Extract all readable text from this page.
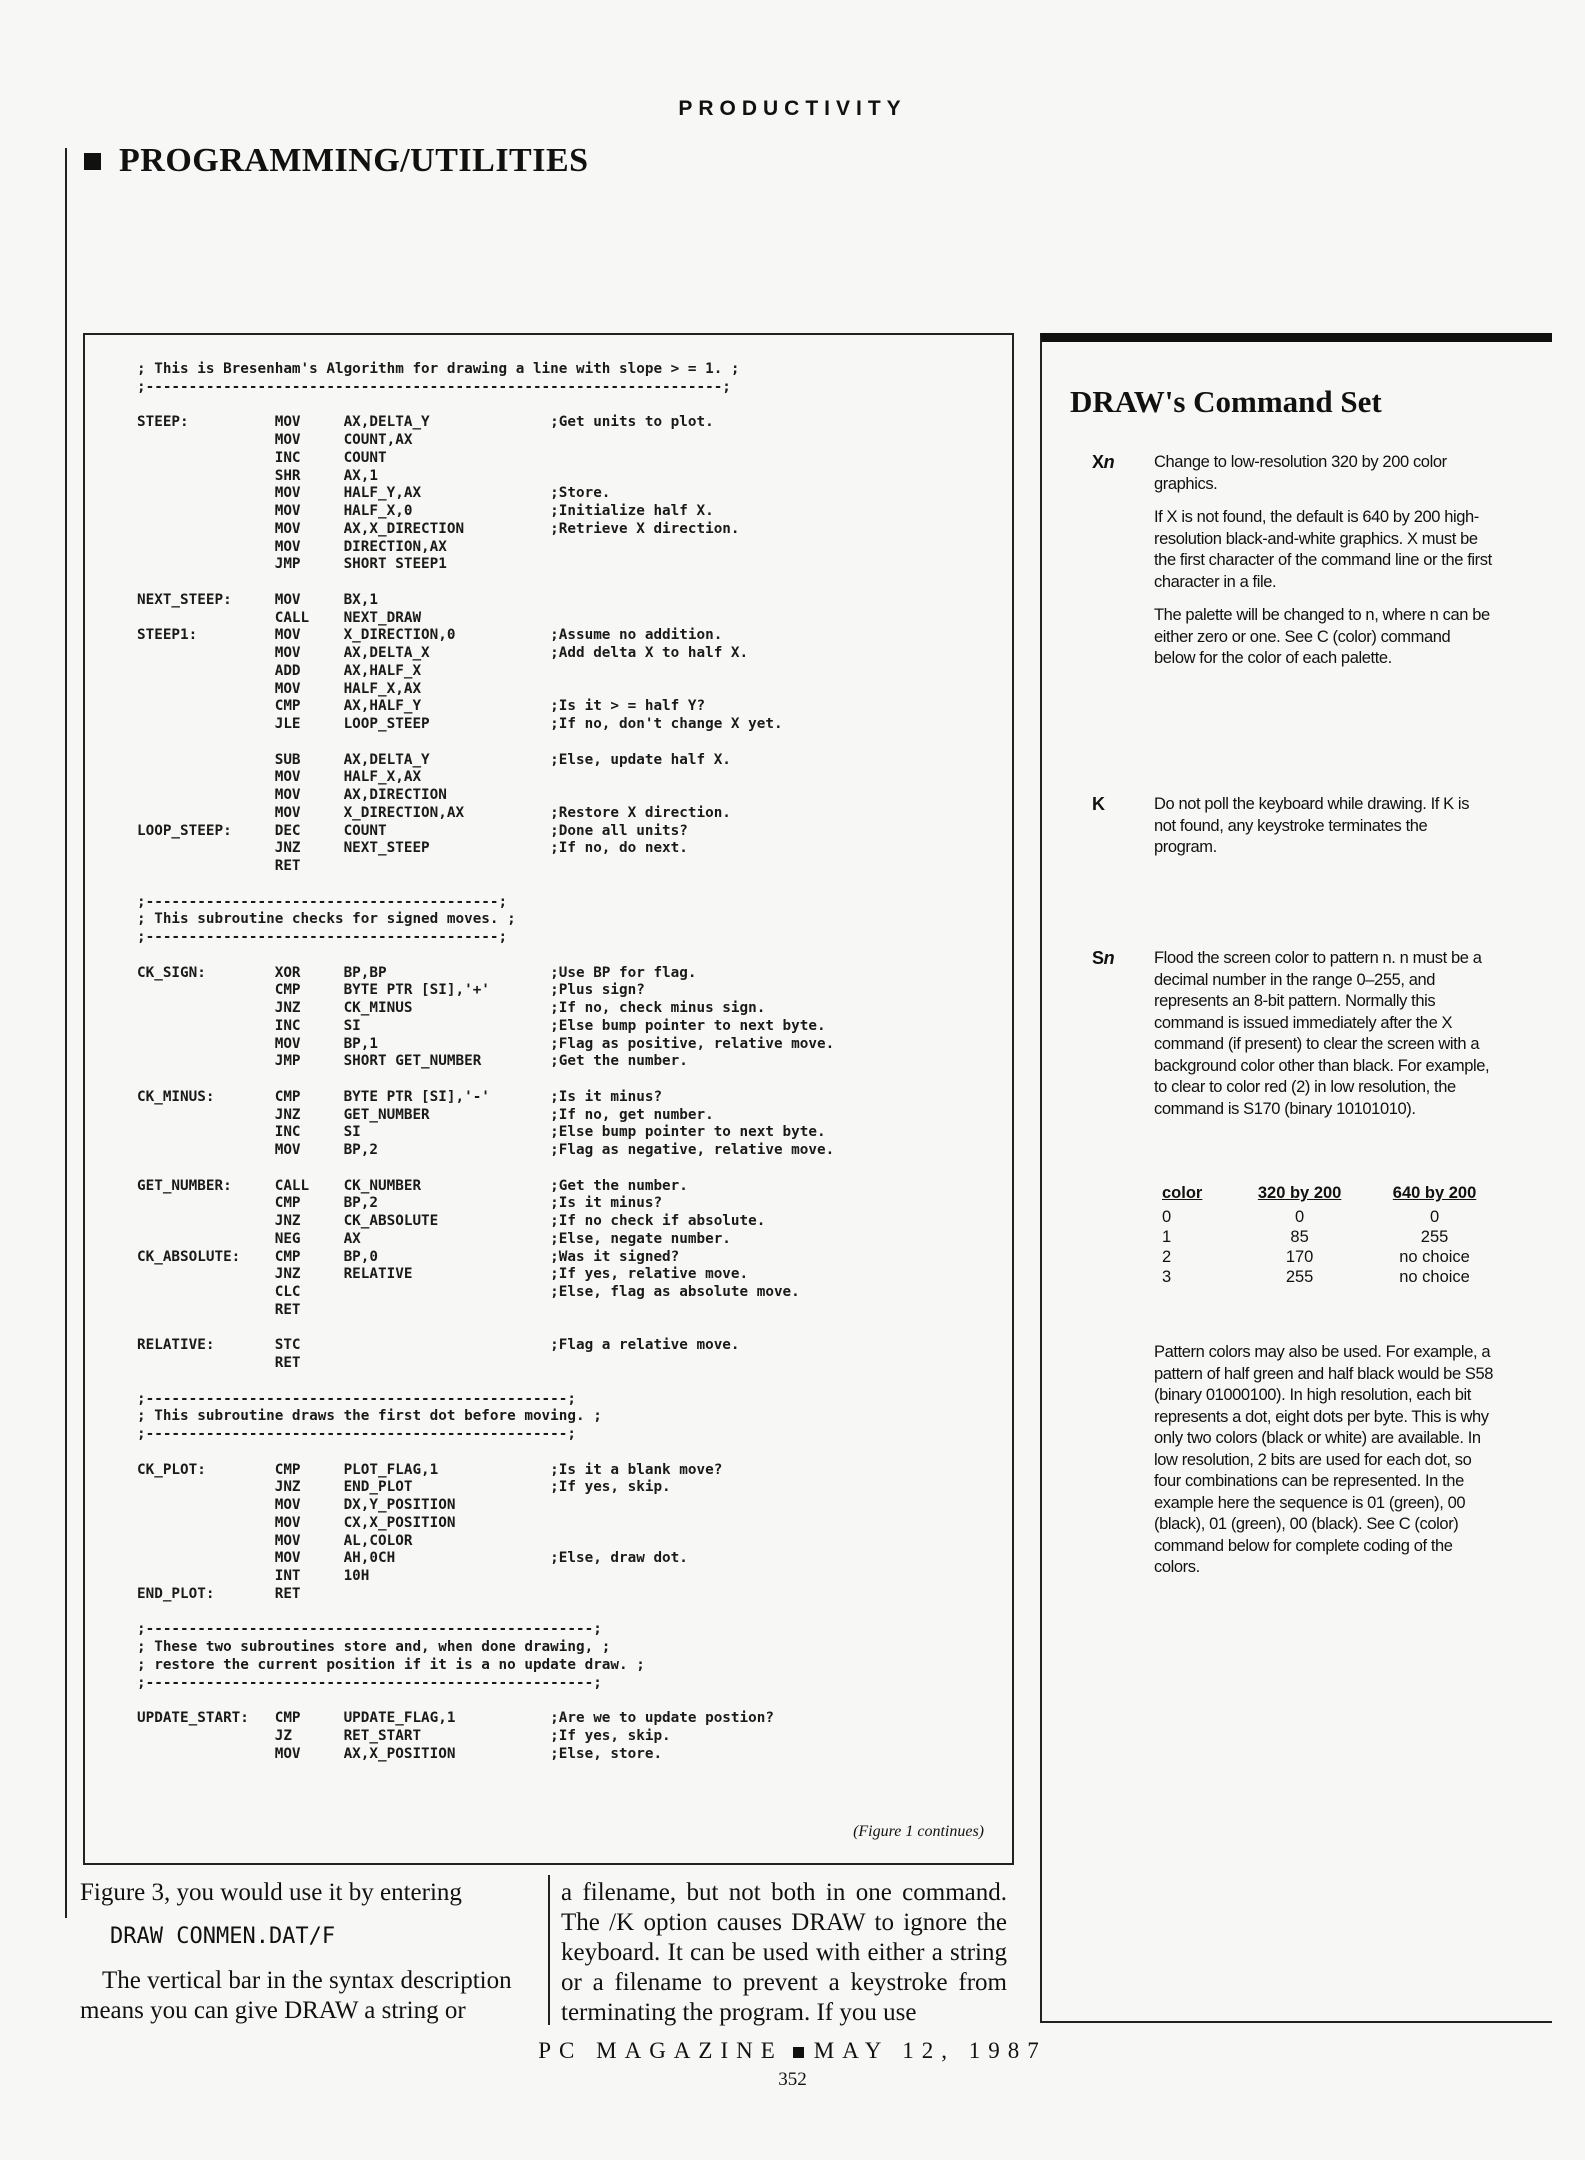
PRODUCTIVITY
PROGRAMMING/UTILITIES
; This is Bresenham's Algorithm for drawing a line with slope > = 1. ;
;-------------------------------------------------------------------;

STEEP:          MOV     AX,DELTA_Y              ;Get units to plot.
MOV     COUNT,AX
INC     COUNT
SHR     AX,1
MOV     HALF_Y,AX               ;Store.
MOV     HALF_X,0                ;Initialize half X.
MOV     AX,X_DIRECTION          ;Retrieve X direction.
MOV     DIRECTION,AX
JMP     SHORT STEEP1

NEXT_STEEP:     MOV     BX,1
CALL    NEXT_DRAW
STEEP1:         MOV     X_DIRECTION,0           ;Assume no addition.
MOV     AX,DELTA_X              ;Add delta X to half X.
ADD     AX,HALF_X
MOV     HALF_X,AX
CMP     AX,HALF_Y               ;Is it > = half Y?
JLE     LOOP_STEEP              ;If no, don't change X yet.

SUB     AX,DELTA_Y              ;Else, update half X.
MOV     HALF_X,AX
MOV     AX,DIRECTION
MOV     X_DIRECTION,AX          ;Restore X direction.
LOOP_STEEP:     DEC     COUNT                   ;Done all units?
JNZ     NEXT_STEEP              ;If no, do next.
RET

;-----------------------------------------;
; This subroutine checks for signed moves. ;
;-----------------------------------------;

CK_SIGN:        XOR     BP,BP                   ;Use BP for flag.
CMP     BYTE PTR [SI],'+'       ;Plus sign?
JNZ     CK_MINUS                ;If no, check minus sign.
INC     SI                      ;Else bump pointer to next byte.
MOV     BP,1                    ;Flag as positive, relative move.
JMP     SHORT GET_NUMBER        ;Get the number.

CK_MINUS:       CMP     BYTE PTR [SI],'-'       ;Is it minus?
JNZ     GET_NUMBER              ;If no, get number.
INC     SI                      ;Else bump pointer to next byte.
MOV     BP,2                    ;Flag as negative, relative move.

GET_NUMBER:     CALL    CK_NUMBER               ;Get the number.
CMP     BP,2                    ;Is it minus?
JNZ     CK_ABSOLUTE             ;If no check if absolute.
NEG     AX                      ;Else, negate number.
CK_ABSOLUTE:    CMP     BP,0                    ;Was it signed?
JNZ     RELATIVE                ;If yes, relative move.
CLC                             ;Else, flag as absolute move.
RET

RELATIVE:       STC                             ;Flag a relative move.
RET

;-------------------------------------------------;
; This subroutine draws the first dot before moving. ;
;-------------------------------------------------;

CK_PLOT:        CMP     PLOT_FLAG,1             ;Is it a blank move?
JNZ     END_PLOT                ;If yes, skip.
MOV     DX,Y_POSITION
MOV     CX,X_POSITION
MOV     AL,COLOR
MOV     AH,0CH                  ;Else, draw dot.
INT     10H
END_PLOT:       RET

;----------------------------------------------------;
; These two subroutines store and, when done drawing, ;
; restore the current position if it is a no update draw. ;
;----------------------------------------------------;

UPDATE_START:   CMP     UPDATE_FLAG,1           ;Are we to update postion?
JZ      RET_START               ;If yes, skip.
MOV     AX,X_POSITION           ;Else, store.
(Figure 1 continues)

Figure 3, you would use it by entering

DRAW CONMEN.DAT/F

The vertical bar in the syntax description means you can give DRAW a string or

a filename, but not both in one command. The /K option causes DRAW to ignore the keyboard. It can be used with either a string or a filename to prevent a keystroke from terminating the program. If you use

DRAW's Command Set
Xn Change to low-resolution 320 by 200 color graphics.

If X is not found, the default is 640 by 200 high-resolution black-and-white graphics. X must be the first character of the command line or the first character in a file.

The palette will be changed to n, where n can be either zero or one. See C (color) command below for the color of each palette.

K	Do not poll the keyboard while drawing. If K is not found, any keystroke terminates the program.

Sn Flood the screen color to pattern n. n must be a decimal number in the range 0–255, and represents an 8-bit pattern. Normally this command is issued immediately after the X command (if present) to clear the screen with a background color other than black. For example, to clear to color red (2) in low resolution, the command is S170 (binary 10101010).

color	320 by 200	640 by 200
0	0	0
1	85	255
2	170	no choice
3	255	no choice
Pattern colors may also be used. For example, a pattern of half green and half black would be S58 (binary 01000100). In high resolution, each bit represents a dot, eight dots per byte. This is why only two colors (black or white) are available. In low resolution, 2 bits are used for each dot, so four combinations can be represented. In the example here the sequence is 01 (green), 00 (black), 01 (green), 00 (black). See C (color) command below for complete coding of the colors.
PC MAGAZINE MAY 12, 1987
352
